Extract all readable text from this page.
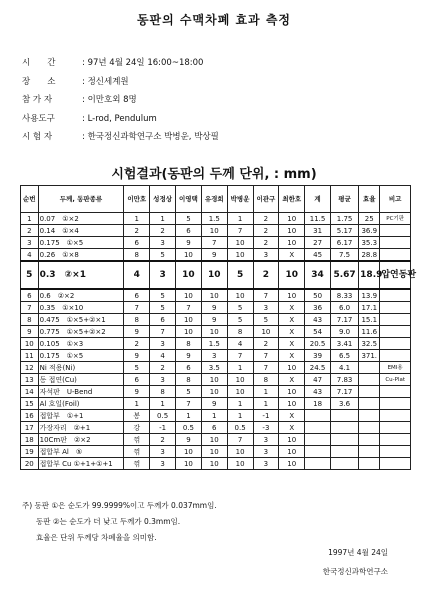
동판의 수맥차폐 효과 측정
시　　간	: 97년 4월 24일 16:00~18:00
장　　소	: 정신세계원
참 가 자	: 이만호외 8명
사용도구	: L-rod, Pendulum
시 험 자	: 한국정신과학연구소 박병운, 박상필
시험결과(동판의 두께 단위, : mm)
순번	두께, 동판종류	이만호	성정상	이영택	유경희	박병운	이관구	최한호	계	평균	효율	비고
1	0.07　①×2	1	1	5	1.5	1	2	10	11.5	1.75	25	PC기판
2	0.14　①×4	2	2	6	10	7	2	10	31	5.17	36.9	
3	0.175　①×5	6	3	9	7	10	2	10	27	6.17	35.3	
4	0.26　①×8	8	5	10	9	10	3	X	45	7.5	28.8	
5	0.3　②×1	4	3	10	10	5	2	10	34	5.67	18.9	압연동판
6	0.6　②×2	6	5	10	10	10	7	10	50	8.33	13.9	
7	0.35　①×10	7	5	7	9	5	3	X	36	6.0	17.1	
8	0.475　①×5+②×1	8	6	10	9	5	5	X	43	7.17	15.1	
9	0.775　①×5+②×2	9	7	10	10	8	10	X	54	9.0	11.6	
10	0.105　①×3	2	3	8	1.5	4	2	X	20.5	3.41	32.5	
11	0.175　①×5	9	4	9	3	7	7	X	39	6.5	371.	
12	Ni 적용(Ni)	5	2	6	3.5	1	7	10	24.5	4.1		EMI용
13	동 접연(Cu)	6	3	8	10	10	8	X	47	7.83		Cu-Plat
14	자석판　U-Bend	9	8	5	10	10	1	10	43	7.17		
15	Al 호일(Foil)	1	1	7	9	1	1	10	18	3.6		
16	접합부　①+1	봉	0.5	1	1	1	-1	X				
17	가장자리　②+1	강	-1	0.5	6	0.5	-3	X				
18	10Cm판　②×2	꺾	2	9	10	7	3	10				
19	접합부 Al　⑤	꺾	3	10	10	10	3	10				
20	접합부 Cu ①+1+①+1	꺾	3	10	10	10	3	10				
주) 동판 ①은 순도가 99.9999%이고 두께가 0.037mm임.
동판 ②는 순도가 더 낮고 두께가 0.3mm임.
효율은 단위 두께당 차폐율을 의미함.
1997년 4월 24일
한국정신과학연구소
